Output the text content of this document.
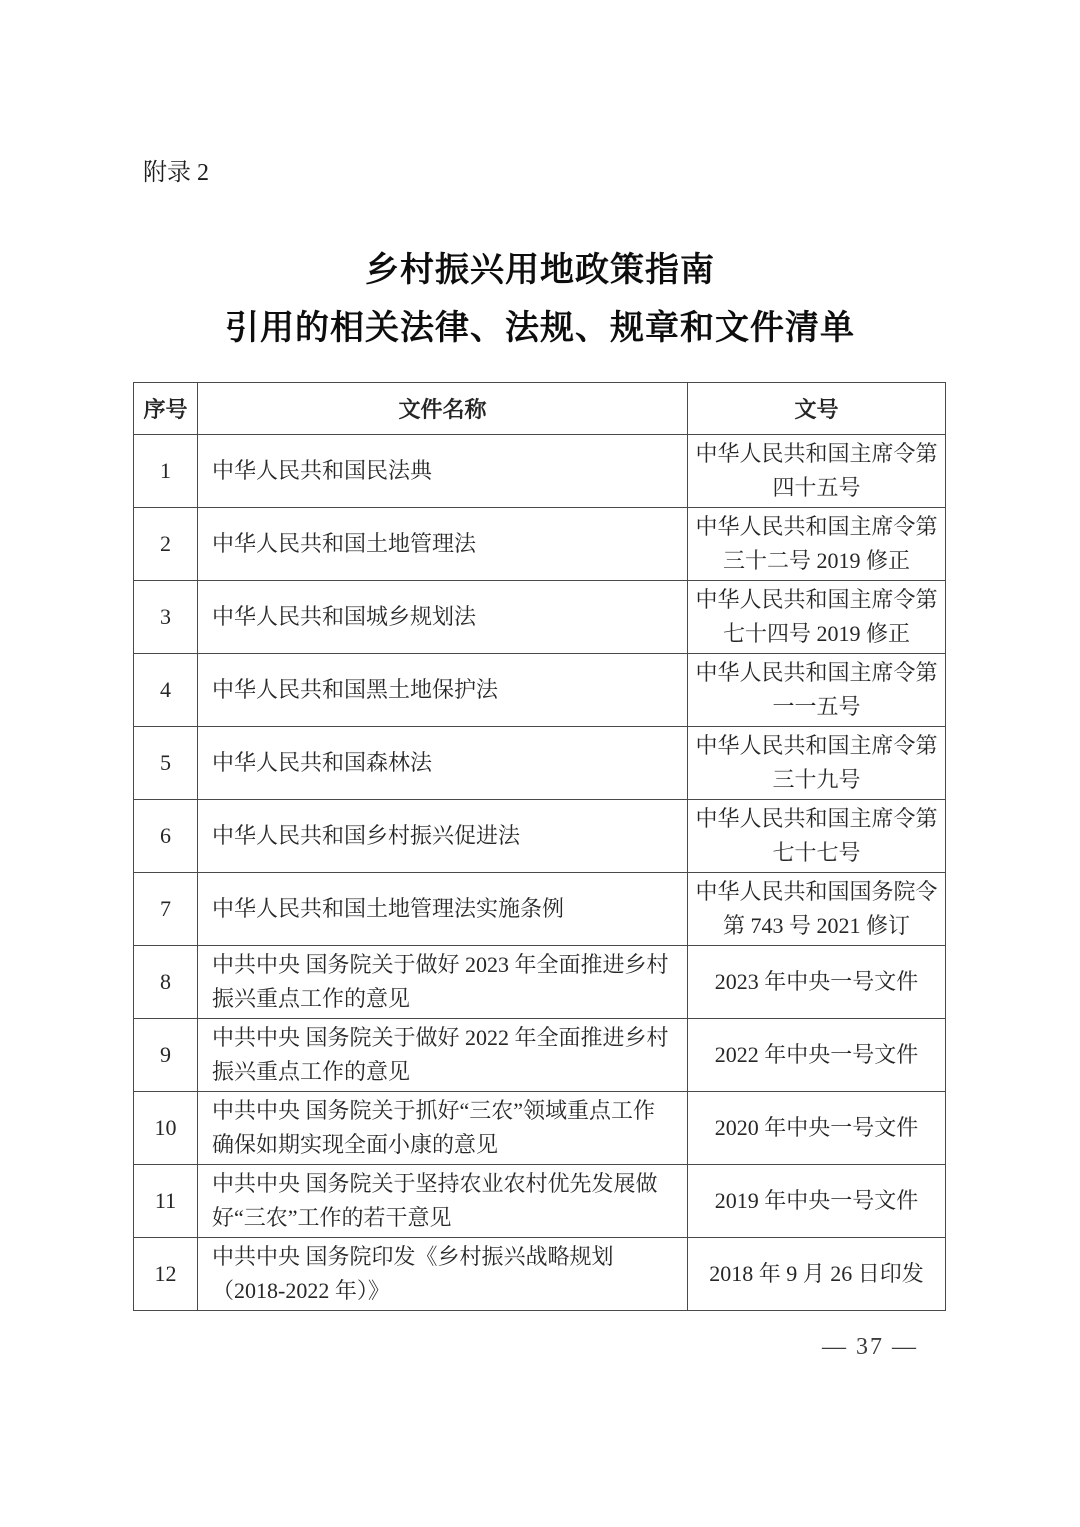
附录 2
乡村振兴用地政策指南
引用的相关法律、法规、规章和文件清单
序号	文件名称	文号
1	中华人民共和国民法典	中华人民共和国主席令第四十五号
2	中华人民共和国土地管理法	中华人民共和国主席令第三十二号 2019 修正
3	中华人民共和国城乡规划法	中华人民共和国主席令第七十四号 2019 修正
4	中华人民共和国黑土地保护法	中华人民共和国主席令第一一五号
5	中华人民共和国森林法	中华人民共和国主席令第三十九号
6	中华人民共和国乡村振兴促进法	中华人民共和国主席令第七十七号
7	中华人民共和国土地管理法实施条例	中华人民共和国国务院令第 743 号 2021 修订
8	中共中央 国务院关于做好 2023 年全面推进乡村振兴重点工作的意见	2023 年中央一号文件
9	中共中央 国务院关于做好 2022 年全面推进乡村振兴重点工作的意见	2022 年中央一号文件
10	中共中央 国务院关于抓好“三农”领域重点工作确保如期实现全面小康的意见	2020 年中央一号文件
11	中共中央 国务院关于坚持农业农村优先发展做好“三农”工作的若干意见	2019 年中央一号文件
12	中共中央 国务院印发《乡村振兴战略规划（2018-2022 年）》	2018 年 9 月 26 日印发
— 37 —
